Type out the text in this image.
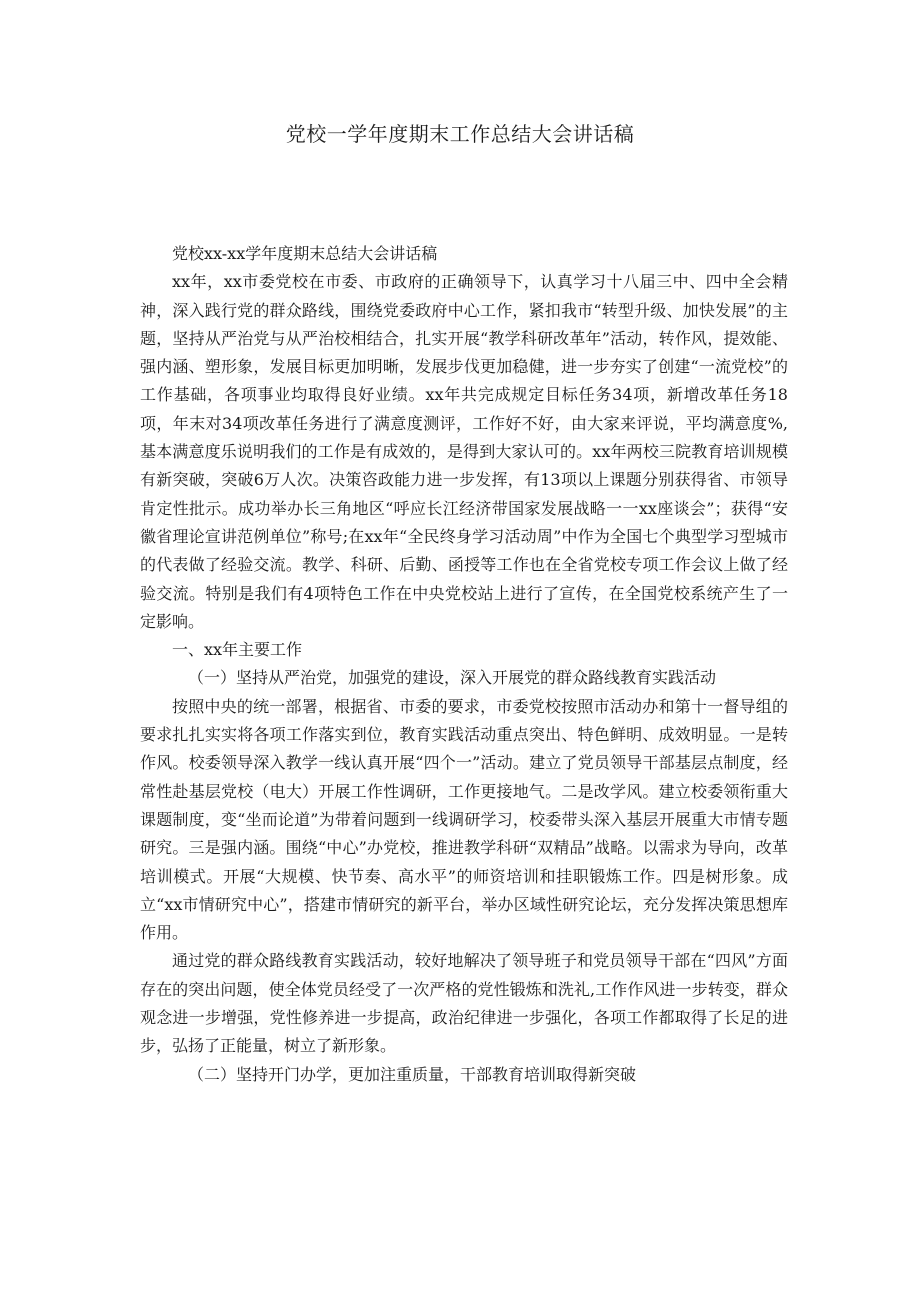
党校一学年度期末工作总结大会讲话稿

党校xx-xx学年度期末总结大会讲话稿

xx年，xx市委党校在市委、市政府的正确领导下，认真学习十八届三中、四中全会精神，深入践行党的群众路线，围绕党委政府中心工作，紧扣我市“转型升级、加快发展”的主题，坚持从严治党与从严治校相结合，扎实开展“教学科研改革年”活动，转作风，提效能、强内涵、塑形象，发展目标更加明晰，发展步伐更加稳健，进一步夯实了创建“一流党校”的工作基础，各项事业均取得良好业绩。xx年共完成规定目标任务34项，新增改革任务18项，年末对34项改革任务进行了满意度测评，工作好不好，由大家来评说，平均满意度%,基本满意度乐说明我们的工作是有成效的，是得到大家认可的。xx年两校三院教育培训规模有新突破，突破6万人次。决策咨政能力进一步发挥，有13项以上课题分别获得省、市领导肯定性批示。成功举办长三角地区“呼应长江经济带国家发展战略一一xx座谈会”；获得“安徽省理论宣讲范例单位”称号;在xx年“全民终身学习活动周”中作为全国七个典型学习型城市的代表做了经验交流。教学、科研、后勤、函授等工作也在全省党校专项工作会议上做了经验交流。特别是我们有4项特色工作在中央党校站上进行了宣传，在全国党校系统产生了一定影响。

一、xx年主要工作

（一）坚持从严治党，加强党的建设，深入开展党的群众路线教育实践活动

按照中央的统一部署，根据省、市委的要求，市委党校按照市活动办和第十一督导组的要求扎扎实实将各项工作落实到位，教育实践活动重点突出、特色鲜明、成效明显。一是转作风。校委领导深入教学一线认真开展“四个一”活动。建立了党员领导干部基层点制度，经常性赴基层党校（电大）开展工作性调研，工作更接地气。二是改学风。建立校委领衔重大课题制度，变“坐而论道”为带着问题到一线调研学习，校委带头深入基层开展重大市情专题研究。三是强内涵。围绕“中心”办党校，推进教学科研“双精品”战略。以需求为导向，改革培训模式。开展“大规模、快节奏、高水平”的师资培训和挂职锻炼工作。四是树形象。成立“xx市情研究中心”，搭建市情研究的新平台，举办区域性研究论坛，充分发挥决策思想库作用。

通过党的群众路线教育实践活动，较好地解决了领导班子和党员领导干部在“四风”方面存在的突出问题，使全体党员经受了一次严格的党性锻炼和洗礼,工作作风进一步转变，群众观念进一步增强，党性修养进一步提高，政治纪律进一步强化，各项工作都取得了长足的进步，弘扬了正能量，树立了新形象。

（二）坚持开门办学，更加注重质量，干部教育培训取得新突破
